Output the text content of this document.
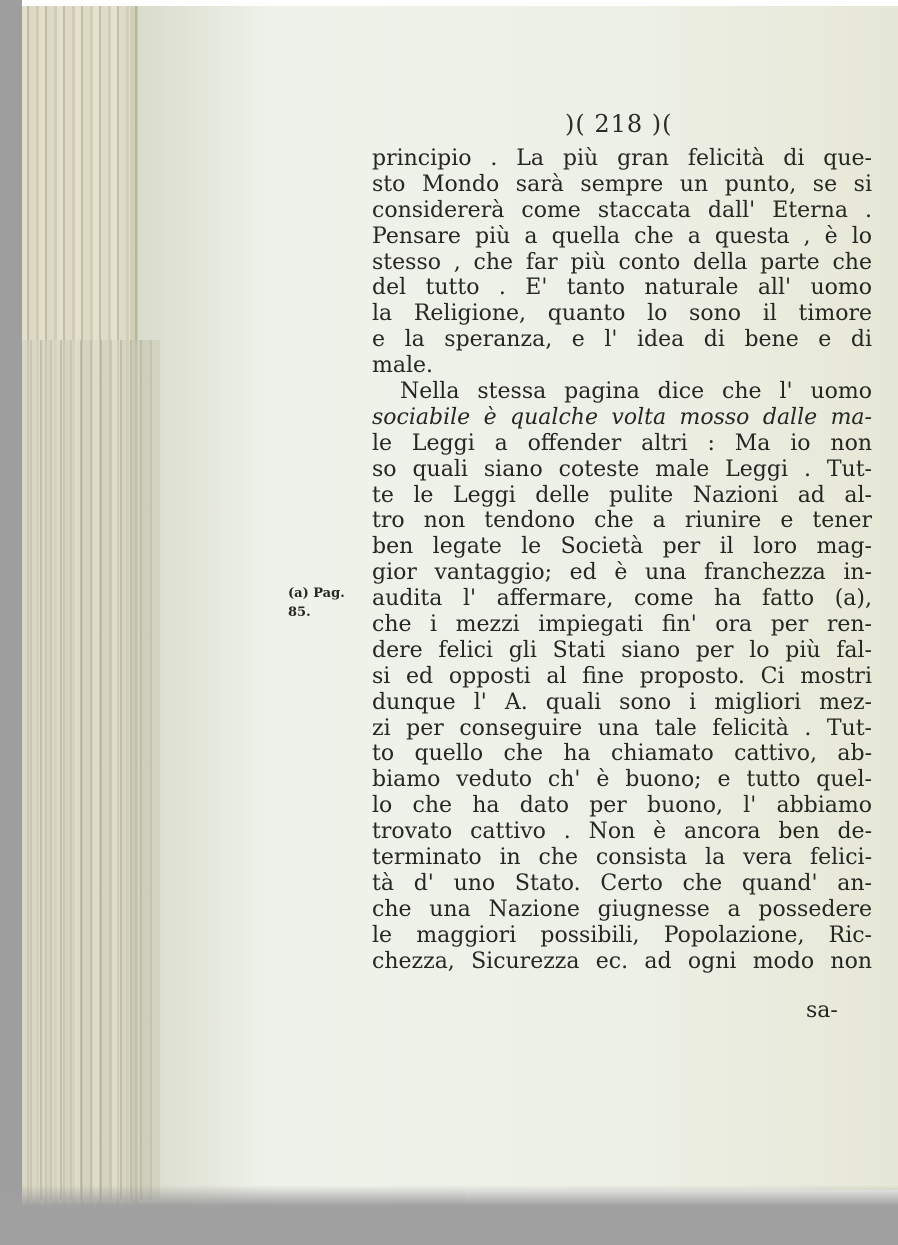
)( 218 )(
principio . La più gran felicità di que-
sto Mondo sarà sempre un punto, se si
considererà come staccata dall' Eterna .
Pensare più a quella che a questa , è lo
stesso , che far più conto della parte che
del tutto . E' tanto naturale all' uomo
la Religione, quanto lo sono il timore
e la speranza, e l' idea di bene e di
male.
Nella stessa pagina dice che l' uomo
sociabile è qualche volta mosso dalle ma-
le Leggi a offender altri : Ma io non
so quali siano coteste male Leggi . Tut-
te le Leggi delle pulite Nazioni ad al-
tro non tendono che a riunire e tener
ben legate le Società per il loro mag-
gior vantaggio; ed è una franchezza in-
audita l' affermare, come ha fatto (a),
che i mezzi impiegati fin' ora per ren-
dere felici gli Stati siano per lo più fal-
si ed opposti al fine proposto. Ci mostri
dunque l' A. quali sono i migliori mez-
zi per conseguire una tale felicità . Tut-
to quello che ha chiamato cattivo, ab-
biamo veduto ch' è buono; e tutto quel-
lo che ha dato per buono, l' abbiamo
trovato cattivo . Non è ancora ben de-
terminato in che consista la vera felici-
tà d' uno Stato. Certo che quand' an-
che una Nazione giugnesse a possedere
le maggiori possibili, Popolazione, Ric-
chezza, Sicurezza ec. ad ogni modo non
sa-
(a) Pag.
85.
